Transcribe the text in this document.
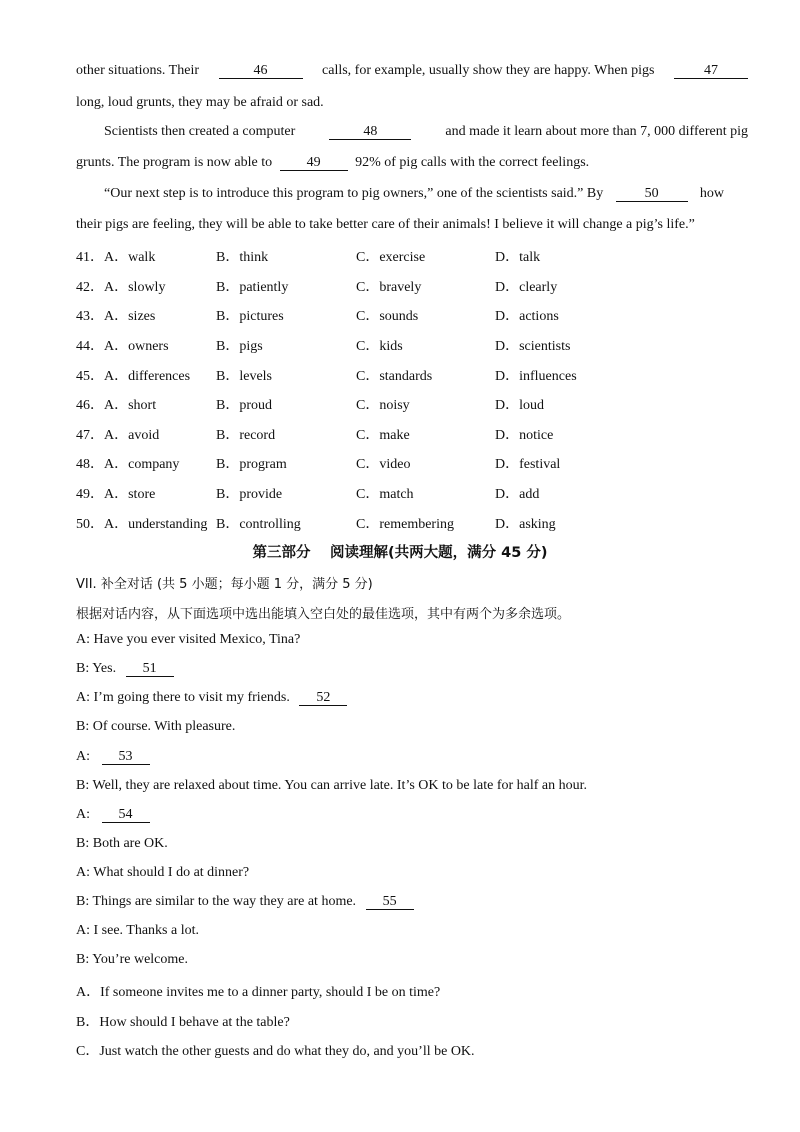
other situations. Their	46	calls, for example, usually show they are happy. When pigs	47
long, loud grunts, they may be afraid or sad.
Scientists then created a computer	48	and made it learn about more than 7, 000 different pig
grunts. The program is now able to 49 92% of pig calls with the correct feelings.
“Our next step is to introduce this program to pig owners,” one of the scientists said.” By	50	how
their pigs are feeling, they will be able to take better care of their animals! I believe it will change a pig’s life.”
41． A．walk	B．think	C．exercise	D．talk
42． A．slowly	B．patiently	C．bravely	D．clearly
43． A．sizes	B．pictures	C．sounds	D．actions
44． A．owners	B．pigs	C．kids	D．scientists
45． A．differences B．levels	C．standards	D．influences
46． A．short	B．proud	C．noisy	D．loud
47． A．avoid	B．record	C．make	D．notice
48． A．company	B．program	C．video	D．festival
49． A．store	B．provide	C．match	D．add
50． A．understanding B．controlling	C．remembering	D．asking
第三部分　 阅读理解(共两大题，满分 45 分)
VII. 补全对话 (共 5 小题；每小题 1 分，满分 5 分)
根据对话内容，从下面选项中选出能填入空白处的最佳选项，其中有两个为多余选项。
A: Have you ever visited Mexico, Tina?
B: Yes. 51
A: I’m going there to visit my friends. 52
B: Of course. With pleasure.
A: 53
B: Well, they are relaxed about time. You can arrive late. It’s OK to be late for half an hour.
A: 54
B: Both are OK.
A: What should I do at dinner?
B: Things are similar to the way they are at home. 55
A: I see. Thanks a lot.
B: You’re welcome.
A．If someone invites me to a dinner party, should I be on time?
B．How should I behave at the table?
C．Just watch the other guests and do what they do, and you’ll be OK.
